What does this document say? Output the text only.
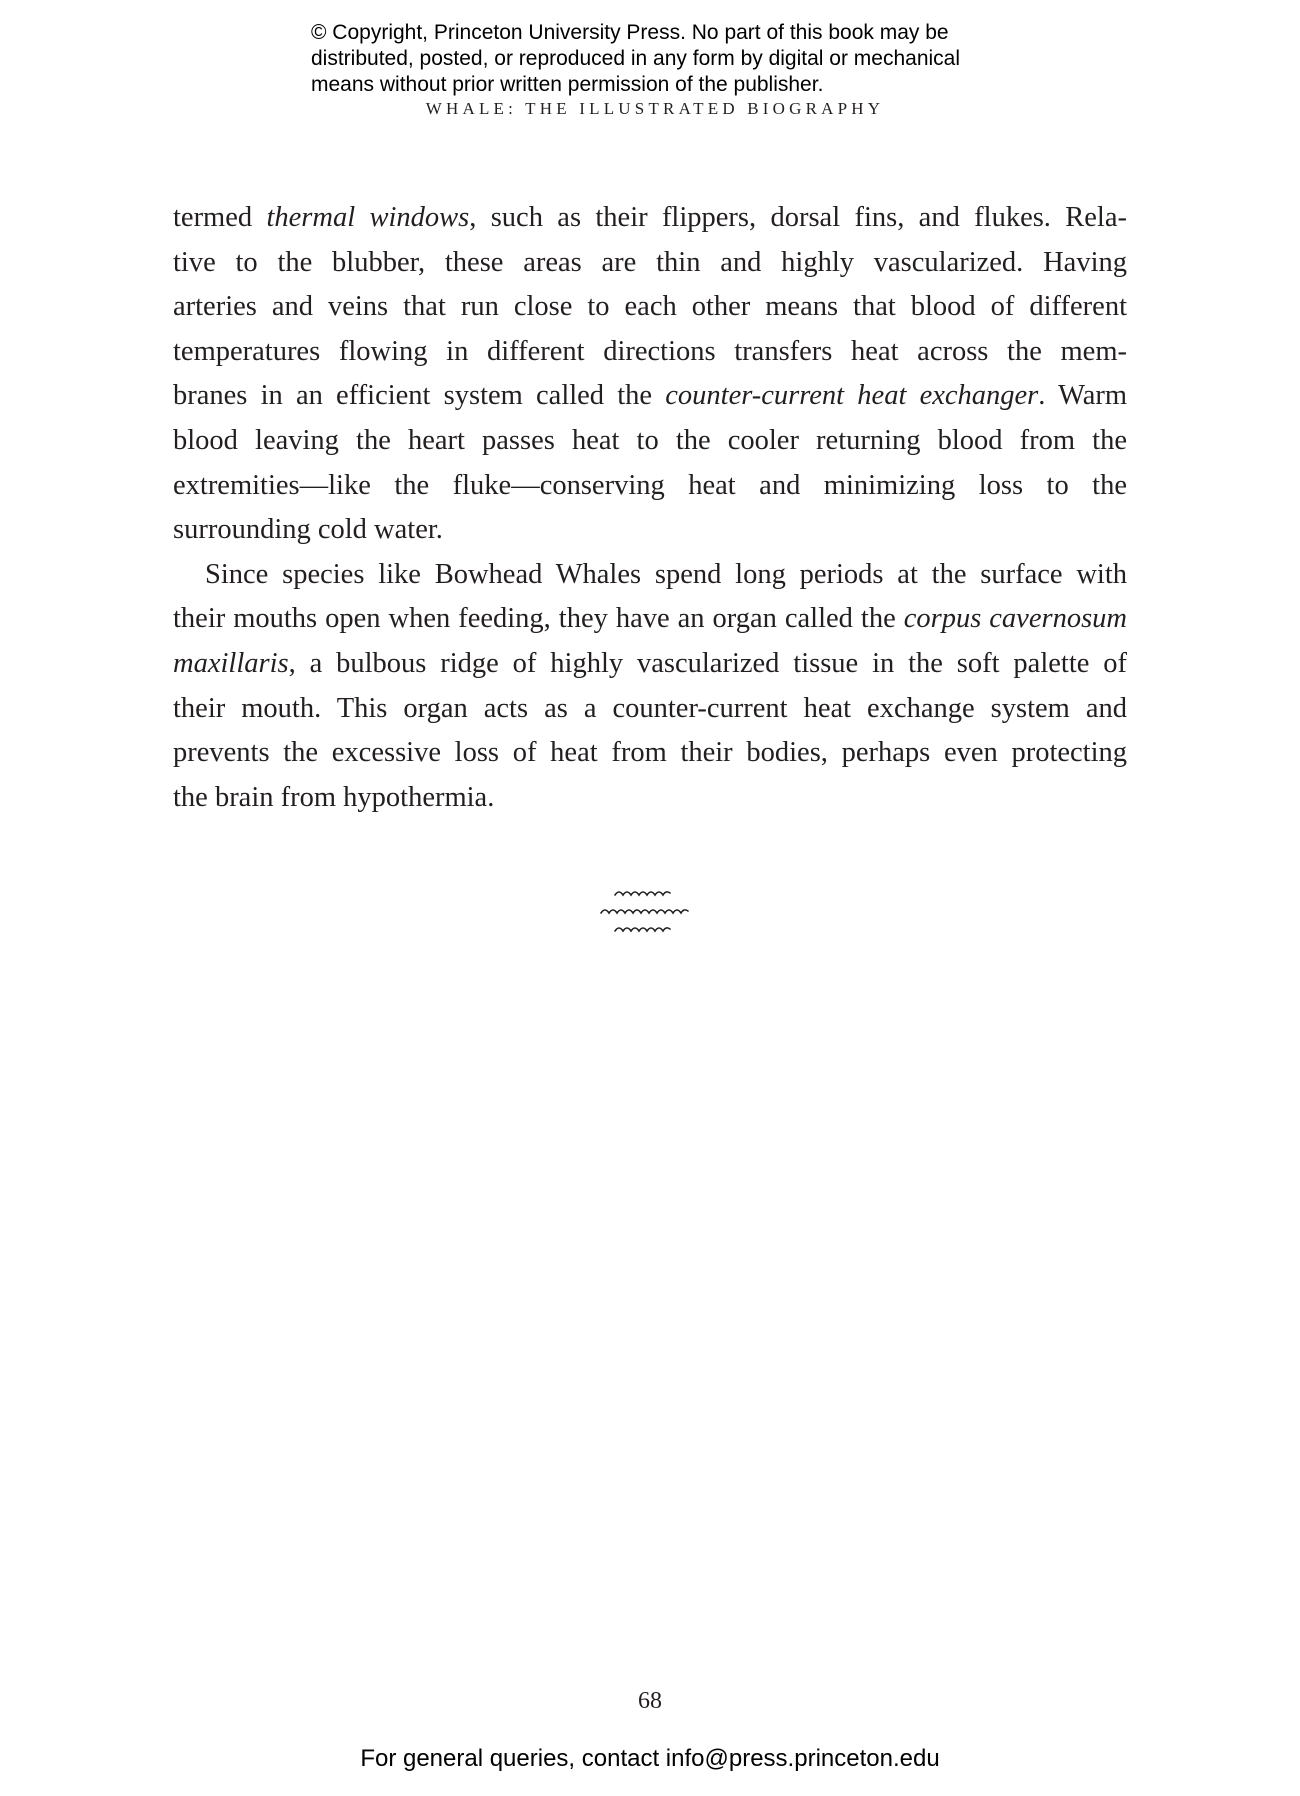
© Copyright, Princeton University Press. No part of this book may be
distributed, posted, or reproduced in any form by digital or mechanical
means without prior written permission of the publisher.
WHALE: THE ILLUSTRATED BIOGRAPHY
termed thermal windows, such as their flippers, dorsal fins, and flukes. Rela-
tive to the blubber, these areas are thin and highly vascularized. Having
arteries and veins that run close to each other means that blood of different
temperatures flowing in different directions transfers heat across the mem-
branes in an efficient system called the counter-current heat exchanger. Warm
blood leaving the heart passes heat to the cooler returning blood from the
extremities—like the fluke—conserving heat and minimizing loss to the
surrounding cold water.
Since species like Bowhead Whales spend long periods at the surface with
their mouths open when feeding, they have an organ called the corpus cavernosum
maxillaris, a bulbous ridge of highly vascularized tissue in the soft palette of
their mouth. This organ acts as a counter-current heat exchange system and
prevents the excessive loss of heat from their bodies, perhaps even protecting
the brain from hypothermia.
68
For general queries, contact info@press.princeton.edu
